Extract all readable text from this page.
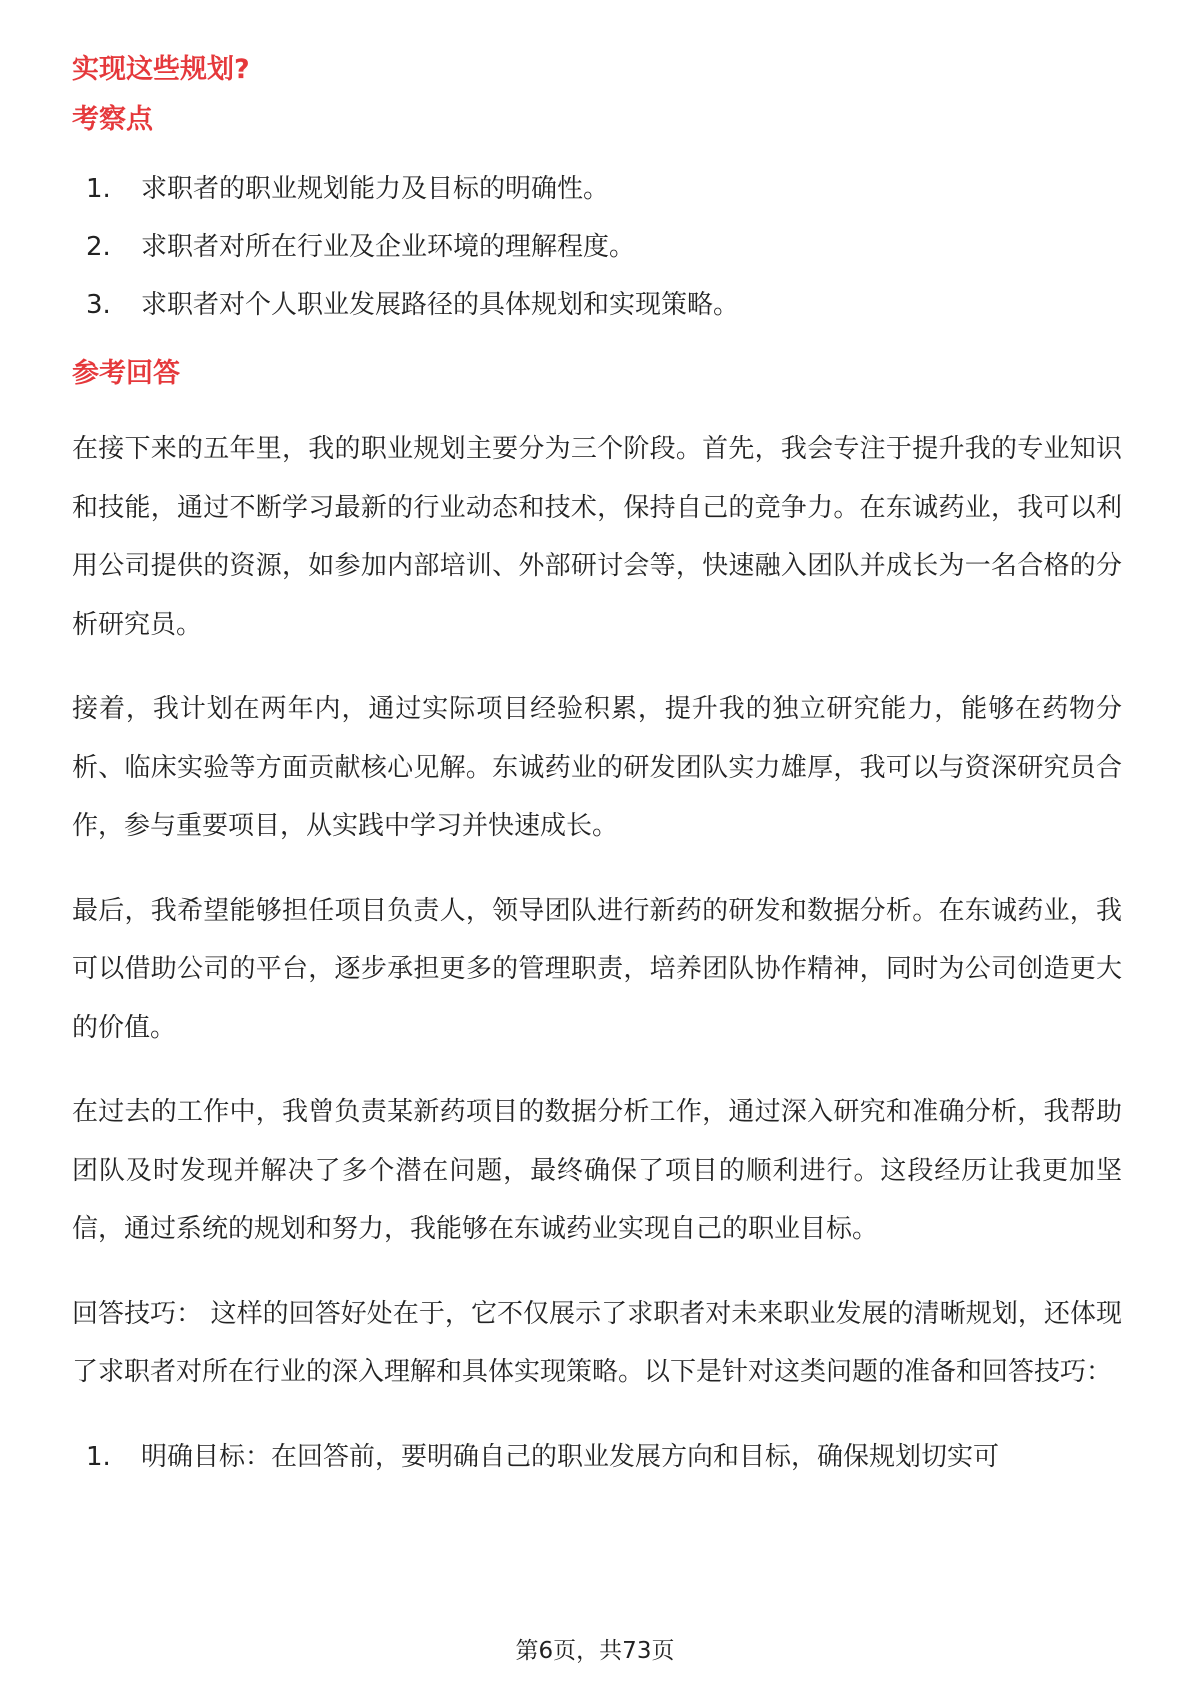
实现这些规划?
考察点
1.	求职者的职业规划能力及目标的明确性。
2.	求职者对所在行业及企业环境的理解程度。
3.	求职者对个人职业发展路径的具体规划和实现策略。
参考回答

在接下来的五年里，我的职业规划主要分为三个阶段。首先，我会专注于提升我的专业知识和技能，通过不断学习最新的行业动态和技术，保持自己的竞争力。在东诚药业，我可以利用公司提供的资源，如参加内部培训、外部研讨会等，快速融入团队并成长为一名合格的分析研究员。

接着，我计划在两年内，通过实际项目经验积累，提升我的独立研究能力，能够在药物分析、临床实验等方面贡献核心见解。东诚药业的研发团队实力雄厚，我可以与资深研究员合作，参与重要项目，从实践中学习并快速成长。

最后，我希望能够担任项目负责人，领导团队进行新药的研发和数据分析。在东诚药业，我可以借助公司的平台，逐步承担更多的管理职责，培养团队协作精神，同时为公司创造更大的价值。

在过去的工作中，我曾负责某新药项目的数据分析工作，通过深入研究和准确分析，我帮助团队及时发现并解决了多个潜在问题，最终确保了项目的顺利进行。这段经历让我更加坚信，通过系统的规划和努力，我能够在东诚药业实现自己的职业目标。

回答技巧： 这样的回答好处在于，它不仅展示了求职者对未来职业发展的清晰规划，还体现了求职者对所在行业的深入理解和具体实现策略。以下是针对这类问题的准备和回答技巧：

1.	明确目标：在回答前，要明确自己的职业发展方向和目标，确保规划切实可
第6页，共73页
